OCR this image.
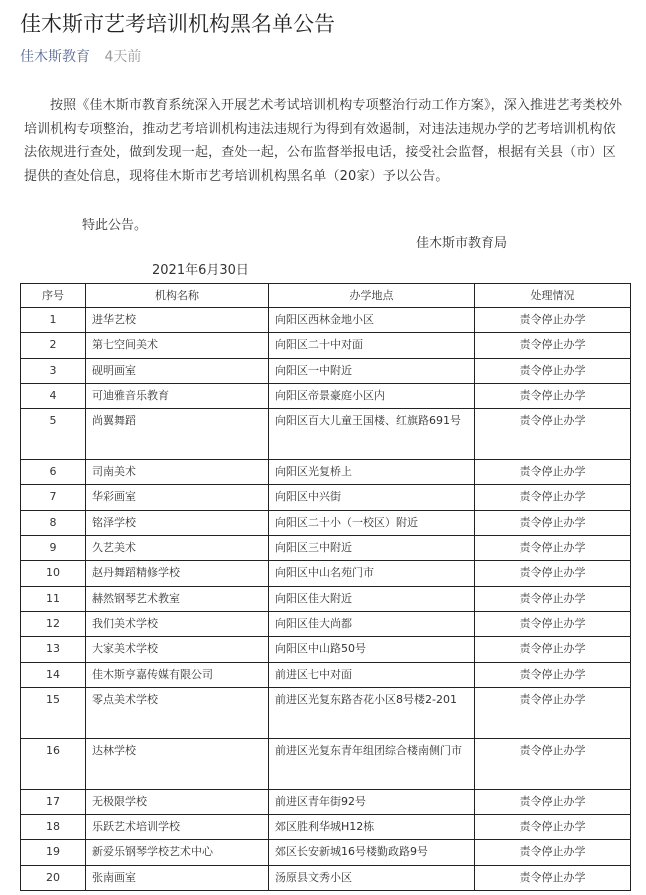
佳木斯市艺考培训机构黑名单公告
佳木斯教育 4天前
按照《佳木斯市教育系统深入开展艺术考试培训机构专项整治行动工作方案》，深入推进艺考类校外培训机构专项整治，推动艺考培训机构违法违规行为得到有效遏制，对违法违规办学的艺考培训机构依法依规进行查处，做到发现一起，查处一起，公布监督举报电话，接受社会监督，根据有关县（市）区提供的查处信息，现将佳木斯市艺考培训机构黑名单（20家）予以公告。
特此公告。
佳木斯市教育局
2021年6月30日
序号	机构名称	办学地点	处理情况
1	进华艺校	向阳区西林金地小区	责令停止办学
2	第七空间美术	向阳区二十中对面	责令停止办学
3	砚明画室	向阳区一中附近	责令停止办学
4	可迪雅音乐教育	向阳区帝景豪庭小区内	责令停止办学
5	尚翼舞蹈	向阳区百大儿童王国楼、红旗路691号	责令停止办学
6	司南美术	向阳区光复桥上	责令停止办学
7	华彩画室	向阳区中兴街	责令停止办学
8	铭泽学校	向阳区二十小（一校区）附近	责令停止办学
9	久艺美术	向阳区三中附近	责令停止办学
10	赵丹舞蹈精修学校	向阳区中山名苑门市	责令停止办学
11	赫然钢琴艺术教室	向阳区佳大附近	责令停止办学
12	我们美术学校	向阳区佳大尚都	责令停止办学
13	大家美术学校	向阳区中山路50号	责令停止办学
14	佳木斯亨嘉传媒有限公司	前进区七中对面	责令停止办学
15	零点美术学校	前进区光复东路杏花小区8号楼2-201	责令停止办学
16	达林学校	前进区光复东青年组团综合楼南侧门市	责令停止办学
17	无极限学校	前进区青年街92号	责令停止办学
18	乐跃艺术培训学校	郊区胜利华城H12栋	责令停止办学
19	新爱乐钢琴学校艺术中心	郊区长安新城16号楼勤政路9号	责令停止办学
20	张南画室	汤原县文秀小区	责令停止办学
